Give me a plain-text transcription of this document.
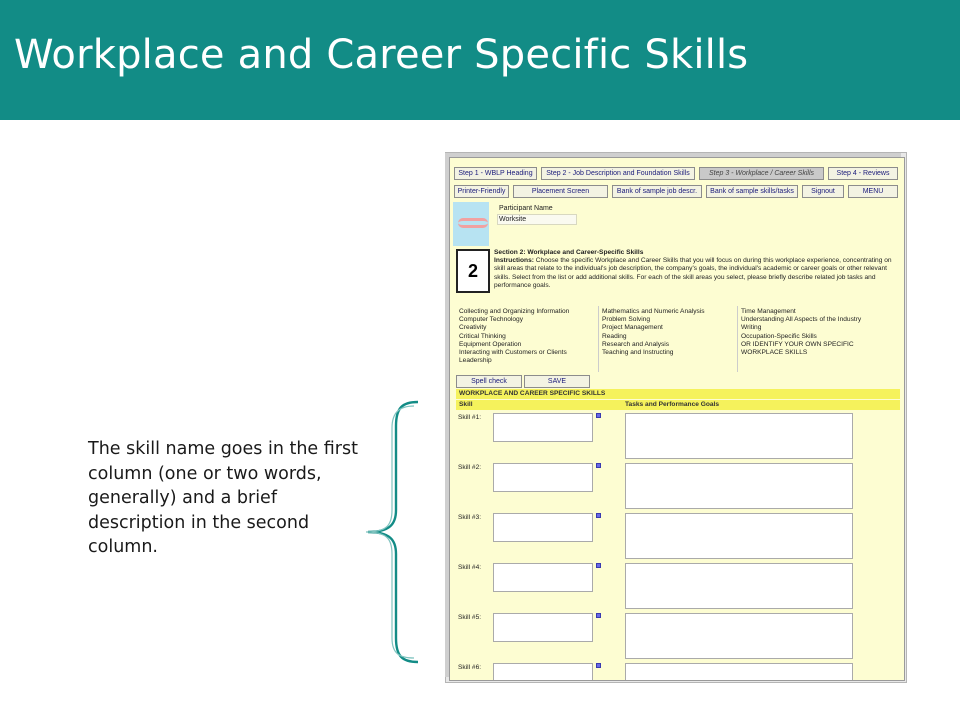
Workplace and Career Specific Skills
The skill name goes in the first column (one or two words, generally) and a brief description in the second column.
Step 1 - WBLP Heading	Step 2 - Job Description and Foundation Skills	Step 3 - Workplace / Career Skills	Step 4 - Reviews
Printer-Friendly	Placement Screen	Bank of sample job descr.	Bank of sample skills/tasks	Signout	MENU
Participant Name
Worksite
2
Section 2: Workplace and Career-Specific Skills
Instructions: Choose the specific Workplace and Career Skills that you will focus on during this workplace experience, concentrating on skill areas that relate to the individual's job description, the company's goals, the individual's academic or career goals or other relevant skills. Select from the list or add additional skills. For each of the skill areas you select, please briefly describe related job tasks and performance goals.
Collecting and Organizing Information
Computer Technology
Creativity
Critical Thinking
Equipment Operation
Interacting with Customers or Clients
Leadership
Mathematics and Numeric Analysis
Problem Solving
Project Management
Reading
Research and Analysis
Teaching and Instructing
Time Management
Understanding All Aspects of the Industry
Writing
Occupation-Specific Skills
OR IDENTIFY YOUR OWN SPECIFIC
WORKPLACE SKILLS
Spell check	SAVE
WORKPLACE AND CAREER SPECIFIC SKILLS
Skill	Tasks and Performance Goals
Skill #1:
Skill #2:
Skill #3:
Skill #4:
Skill #5:
Skill #6:
